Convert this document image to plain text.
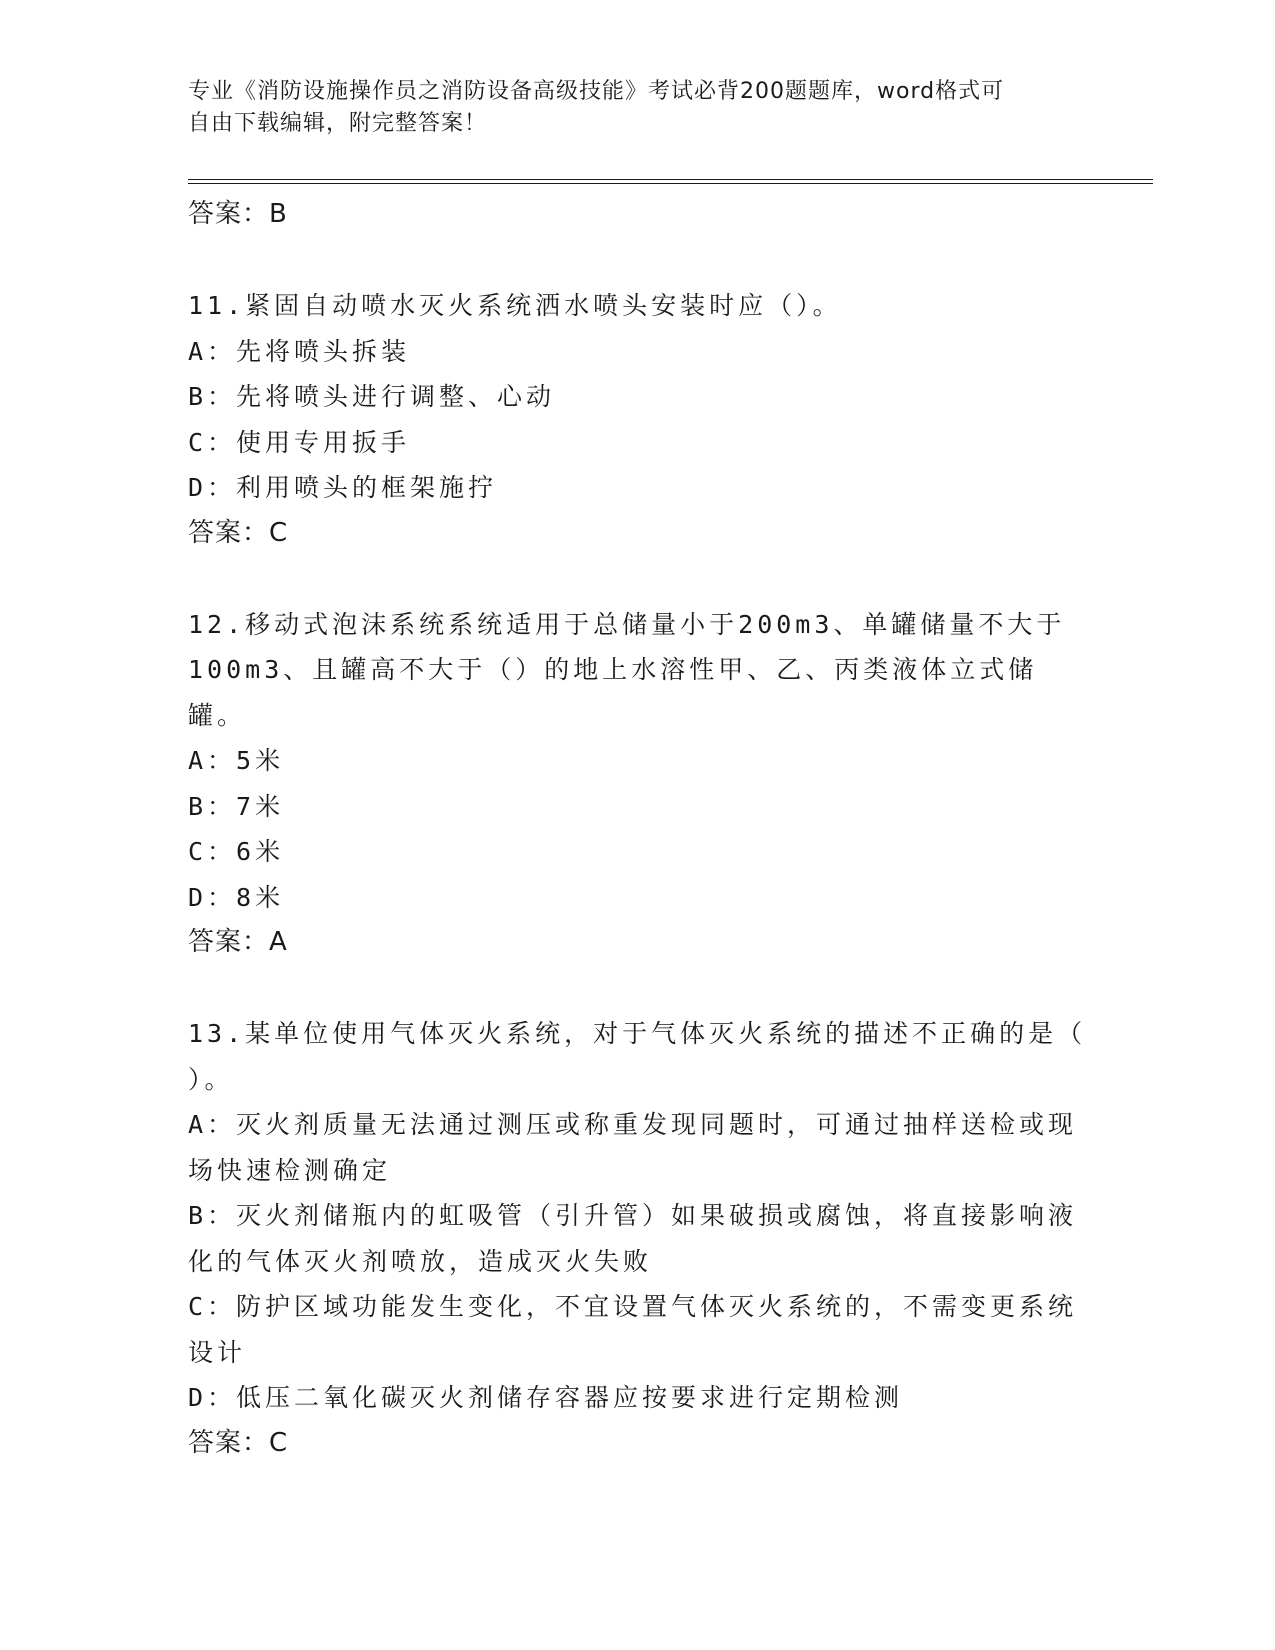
专业《消防设施操作员之消防设备高级技能》考试必背200题题库，word格式可
自由下载编辑，附完整答案！
答案：B
11.紧固自动喷水灭火系统洒水喷头安装时应（）。
A：先将喷头拆装
B：先将喷头进行调整、心动
C：使用专用扳手
D：利用喷头的框架施拧
答案：C
12.移动式泡沫系统系统适用于总储量小于200m3、单罐储量不大于
100m3、且罐高不大于（）的地上水溶性甲、乙、丙类液体立式储罐。
A：5米
B：7米
C：6米
D：8米
答案：A
13.某单位使用气体灭火系统，对于气体灭火系统的描述不正确的是（
）。
A：灭火剂质量无法通过测压或称重发现同题时，可通过抽样送检或现
场快速检测确定
B：灭火剂储瓶内的虹吸管（引升管）如果破损或腐蚀，将直接影响液
化的气体灭火剂喷放，造成灭火失败
C：防护区域功能发生变化，不宜设置气体灭火系统的，不需变更系统
设计
D：低压二氧化碳灭火剂储存容器应按要求进行定期检测
答案：C
